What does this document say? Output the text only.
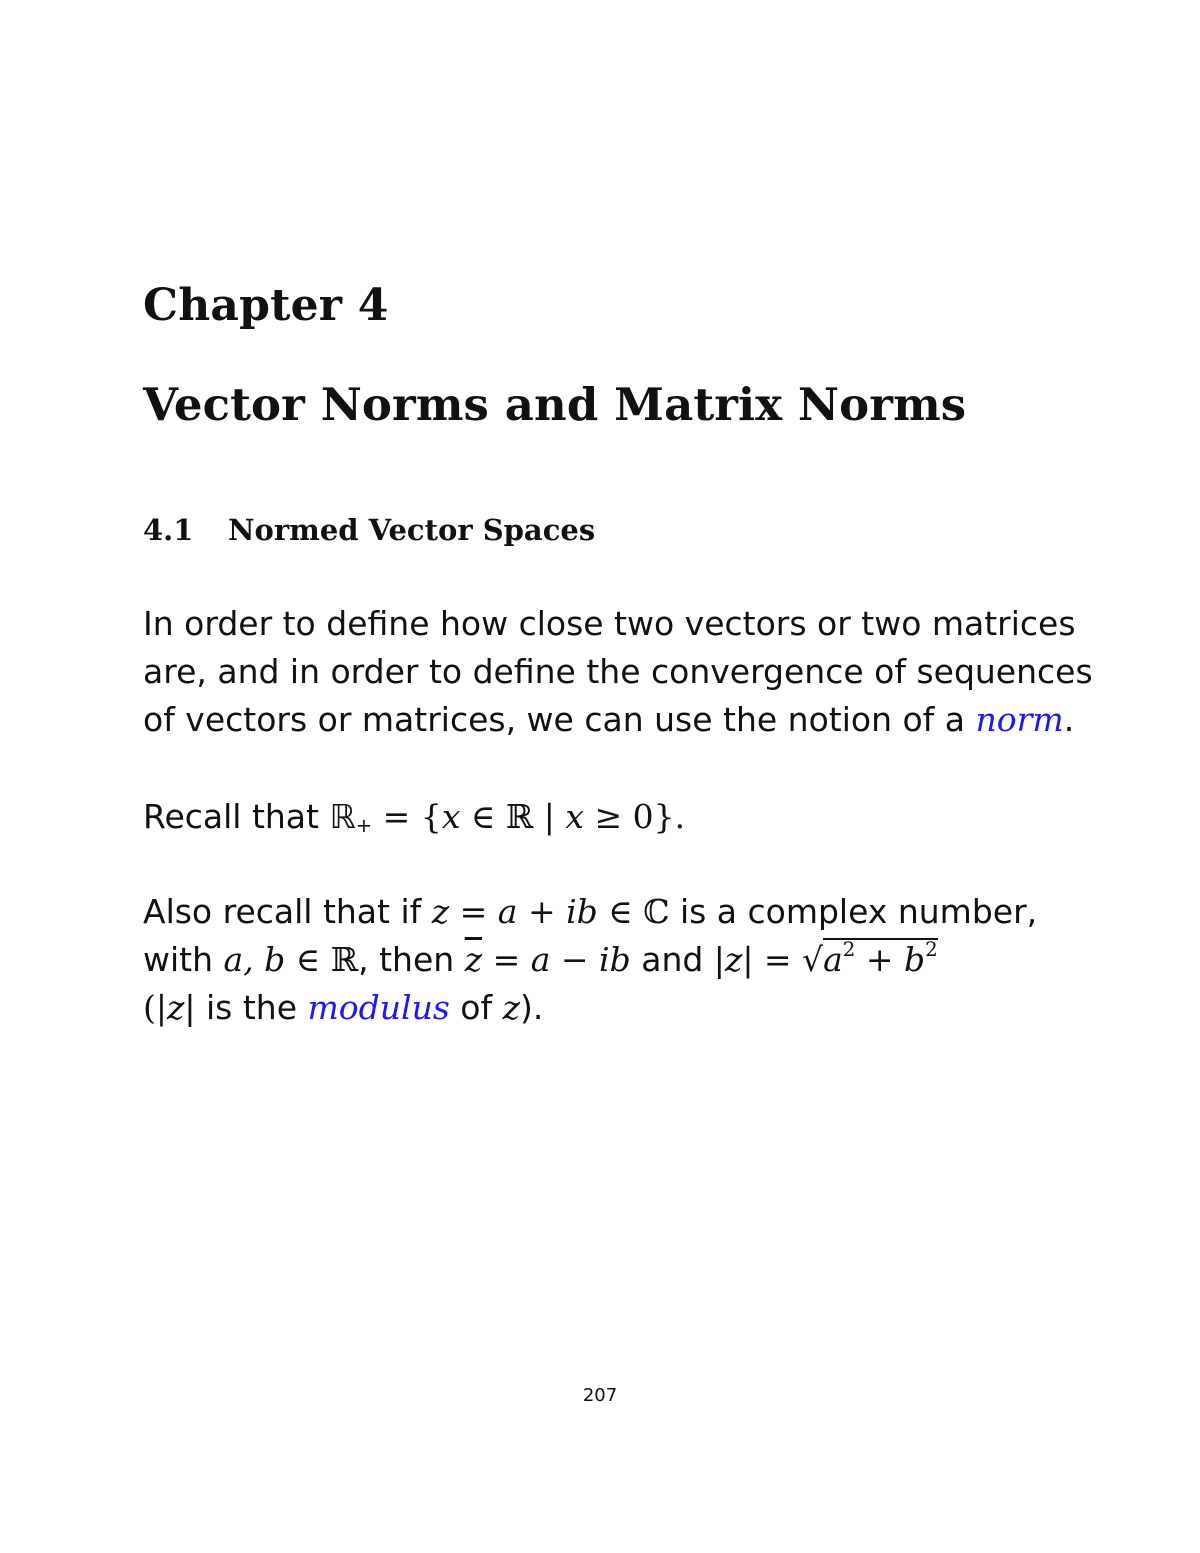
Chapter 4
Vector Norms and Matrix Norms
4.1 Normed Vector Spaces
In order to define how close two vectors or two matrices
are, and in order to define the convergence of sequences
of vectors or matrices, we can use the notion of a norm.
Recall that ℝ$_+$ = {x ∈ ℝ | x ≥ 0}.
Also recall that if z = a + ib ∈ ℂ is a complex number,
with a, b ∈ ℝ, then $\overline{z} = a$ − ib and $|z| = √a^2 + b^2$
(|z| is the modulus of z).
207
